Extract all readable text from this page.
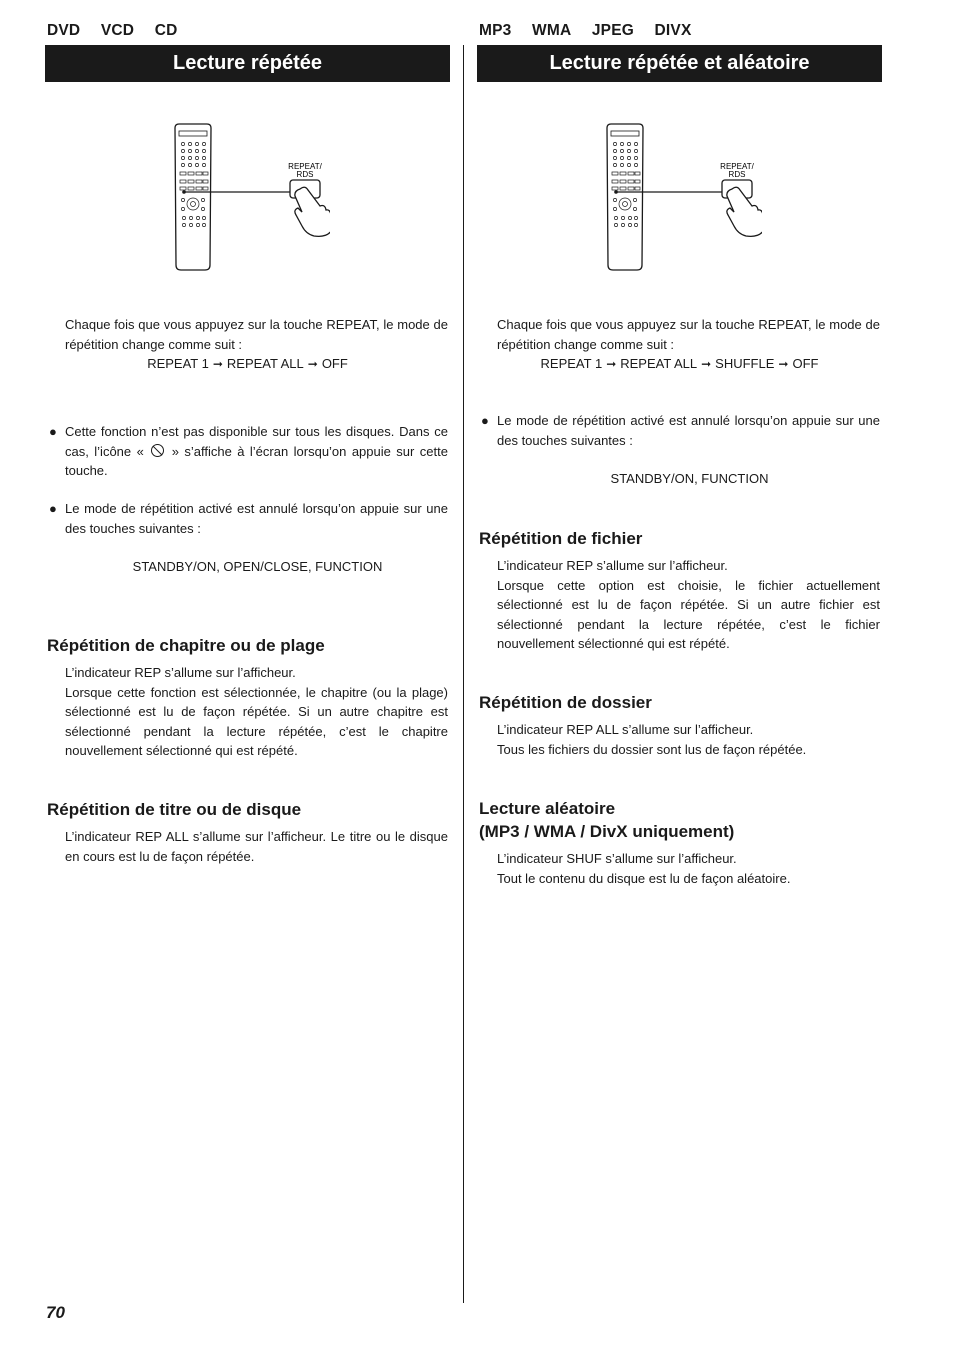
DVD VCD CD
Lecture répétée
REPEAT/
RDS
Chaque fois que vous appuyez sur la touche REPEAT, le mode de répétition change comme suit :
REPEAT 1 ➞ REPEAT ALL ➞ OFF
● Cette fonction n’est pas disponible sur tous les disques. Dans ce cas, l’icône « » s’affiche à l’écran lorsqu’on appuie sur cette touche.
● Le mode de répétition activé est annulé lorsqu’on appuie sur une des touches suivantes :
STANDBY/ON, OPEN/CLOSE, FUNCTION
Répétition de chapitre ou de plage
L’indicateur REP s’allume sur l’afficheur.
Lorsque cette fonction est sélectionnée, le chapitre (ou la plage) sélectionné est lu de façon répétée. Si un autre chapitre est sélectionné pendant la lecture répétée, c’est le chapitre nouvellement sélectionné qui est répété.
Répétition de titre ou de disque
L’indicateur REP ALL s’allume sur l’afficheur. Le titre ou le disque en cours est lu de façon répétée.
70
MP3 WMA JPEG DIVX
Lecture répétée et aléatoire
REPEAT/
RDS
Chaque fois que vous appuyez sur la touche REPEAT, le mode de répétition change comme suit :
REPEAT 1 ➞ REPEAT ALL ➞ SHUFFLE ➞ OFF
● Le mode de répétition activé est annulé lorsqu’on appuie sur une des touches suivantes :
STANDBY/ON, FUNCTION
Répétition de fichier
L’indicateur REP s’allume sur l’afficheur.
Lorsque cette option est choisie, le fichier actuellement sélectionné est lu de façon répétée. Si un autre fichier est sélectionné pendant la lecture répétée, c’est le fichier nouvellement sélectionné qui est répété.
Répétition de dossier
L’indicateur REP ALL s’allume sur l’afficheur.
Tous les fichiers du dossier sont lus de façon répétée.
Lecture aléatoire
(MP3 / WMA / DivX uniquement)
L’indicateur SHUF s’allume sur l’afficheur.
Tout le contenu du disque est lu de façon aléatoire.
